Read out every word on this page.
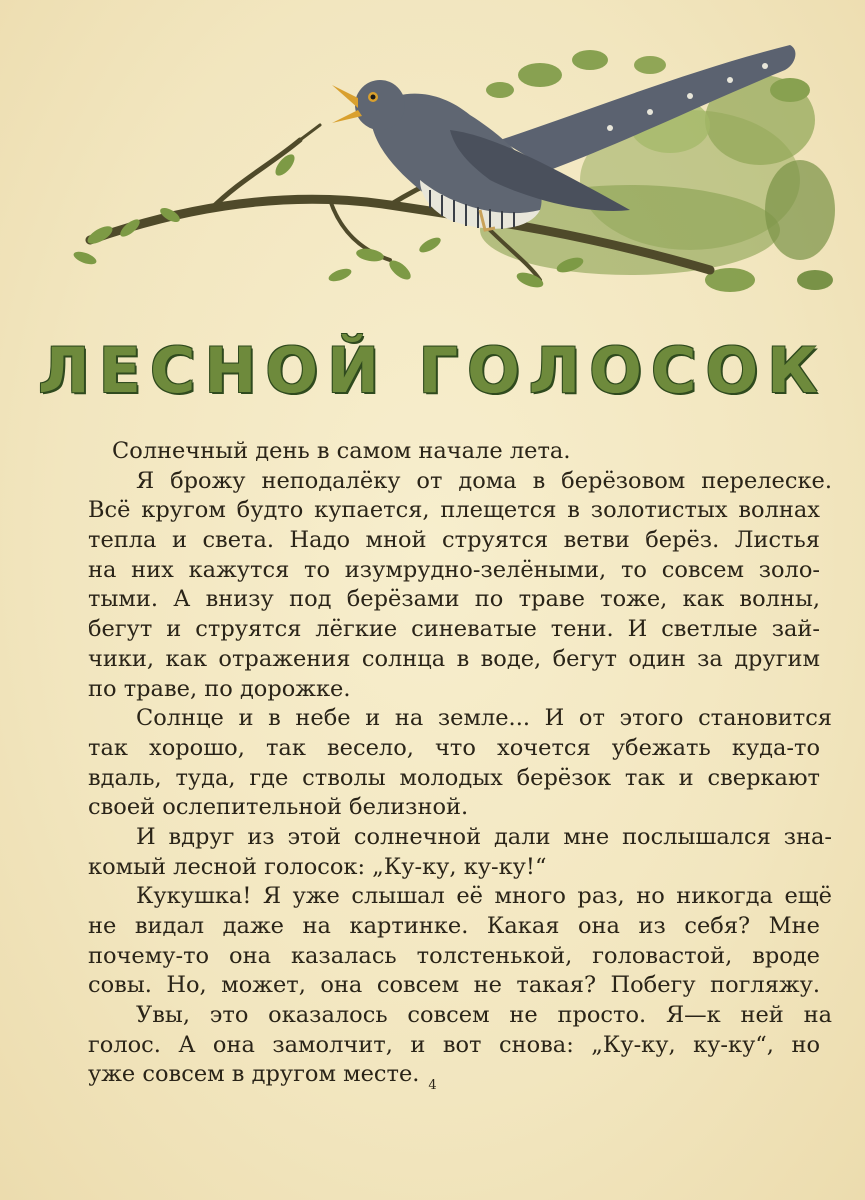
ЛЕСНОЙ ГОЛОСОК
Солнечный день в самом начале лета.
Я брожу неподалёку от дома в берёзовом перелеске.
Всё кругом будто купается, плещется в золотистых волнах
тепла и света. Надо мной струятся ветви берёз. Листья
на них кажутся то изумрудно-зелёными, то совсем золо-
тыми. А внизу под берёзами по траве тоже, как волны,
бегут и струятся лёгкие синеватые тени. И светлые зай-
чики, как отражения солнца в воде, бегут один за другим
по траве, по дорожке.
Солнце и в небе и на земле... И от этого становится
так хорошо, так весело, что хочется убежать куда-то
вдаль, туда, где стволы молодых берёзок так и сверкают
своей ослепительной белизной.
И вдруг из этой солнечной дали мне послышался зна-
комый лесной голосок: „Ку-ку, ку-ку!“
Кукушка! Я уже слышал её много раз, но никогда ещё
не видал даже на картинке. Какая она из себя? Мне
почему-то она казалась толстенькой, головастой, вроде
совы. Но, может, она совсем не такая? Побегу погляжу.
Увы, это оказалось совсем не просто. Я—к ней на
голос. А она замолчит, и вот снова: „Ку-ку, ку-ку“, но
уже совсем в другом месте. 4
